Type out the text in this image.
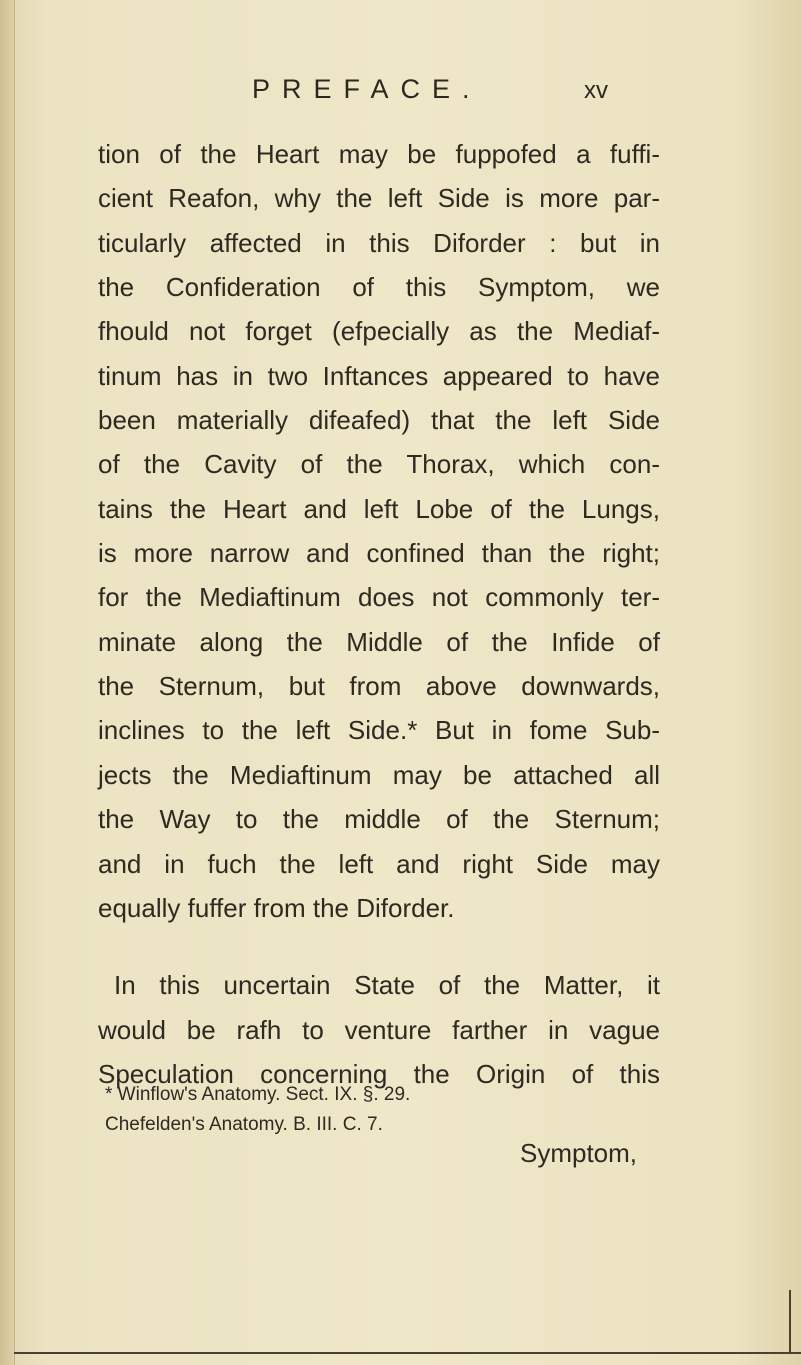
PREFACE.	xv
tion of the Heart may be fuppofed a fuffi-
cient Reafon, why the left Side is more par-
ticularly affected in this Diforder : but in
the Confideration of this Symptom, we
fhould not forget (efpecially as the Mediaf-
tinum has in two Inftances appeared to have
been materially difeafed) that the left Side
of the Cavity of the Thorax, which con-
tains the Heart and left Lobe of the Lungs,
is more narrow and confined than the right;
for the Mediaftinum does not commonly ter-
minate along the Middle of the Infide of
the Sternum, but from above downwards,
inclines to the left Side.* But in fome Sub-
jects the Mediaftinum may be attached all
the Way to the middle of the Sternum;
and in fuch the left and right Side may
equally fuffer from the Diforder.
In this uncertain State of the Matter, it
would be rafh to venture farther in vague
Speculation concerning the Origin of this
* Winflow's Anatomy. Sect. IX. §. 29.
Chefelden's Anatomy. B. III. C. 7.
Symptom,
